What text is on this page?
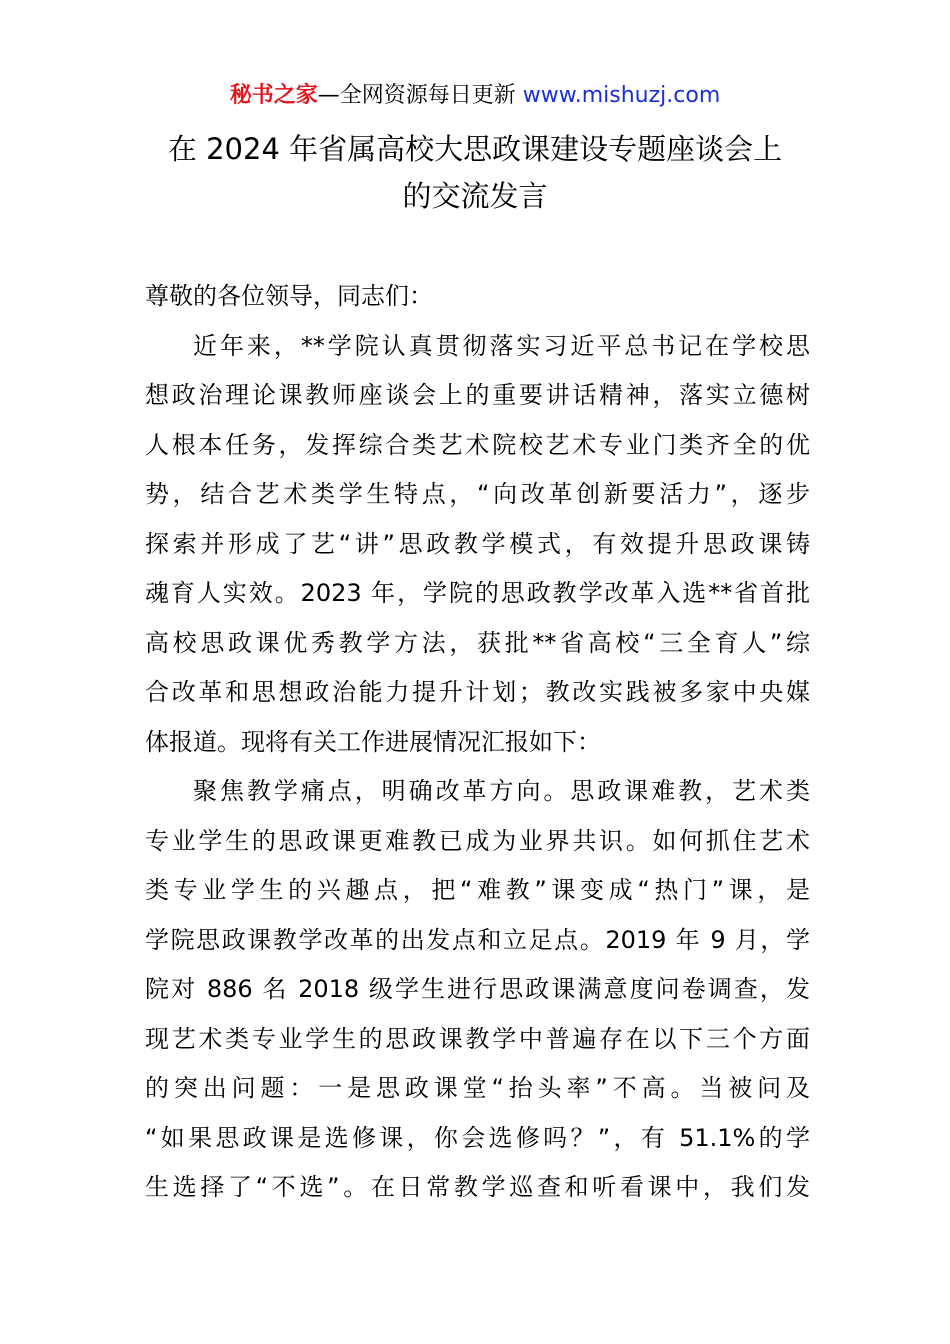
秘书之家—全网资源每日更新 www.mishuzj.com
在 2024 年省属高校大思政课建设专题座谈会上
的交流发言
尊敬的各位领导，同志们：
近年来，**学院认真贯彻落实习近平总书记在学校思
想政治理论课教师座谈会上的重要讲话精神，落实立德树
人根本任务，发挥综合类艺术院校艺术专业门类齐全的优
势，结合艺术类学生特点，“向改革创新要活力”，逐步
探索并形成了艺“讲”思政教学模式，有效提升思政课铸
魂育人实效。2023 年，学院的思政教学改革入选**省首批
高校思政课优秀教学方法，获批**省高校“三全育人”综
合改革和思想政治能力提升计划；教改实践被多家中央媒
体报道。现将有关工作进展情况汇报如下：
聚焦教学痛点，明确改革方向。思政课难教，艺术类
专业学生的思政课更难教已成为业界共识。如何抓住艺术
类专业学生的兴趣点，把“难教”课变成“热门”课，是
学院思政课教学改革的出发点和立足点。2019 年 9 月，学
院对 886 名 2018 级学生进行思政课满意度问卷调查，发
现艺术类专业学生的思政课教学中普遍存在以下三个方面
的突出问题：一是思政课堂“抬头率”不高。当被问及
“如果思政课是选修课，你会选修吗？”，有 51.1%的学
生选择了“不选”。在日常教学巡查和听看课中，我们发
